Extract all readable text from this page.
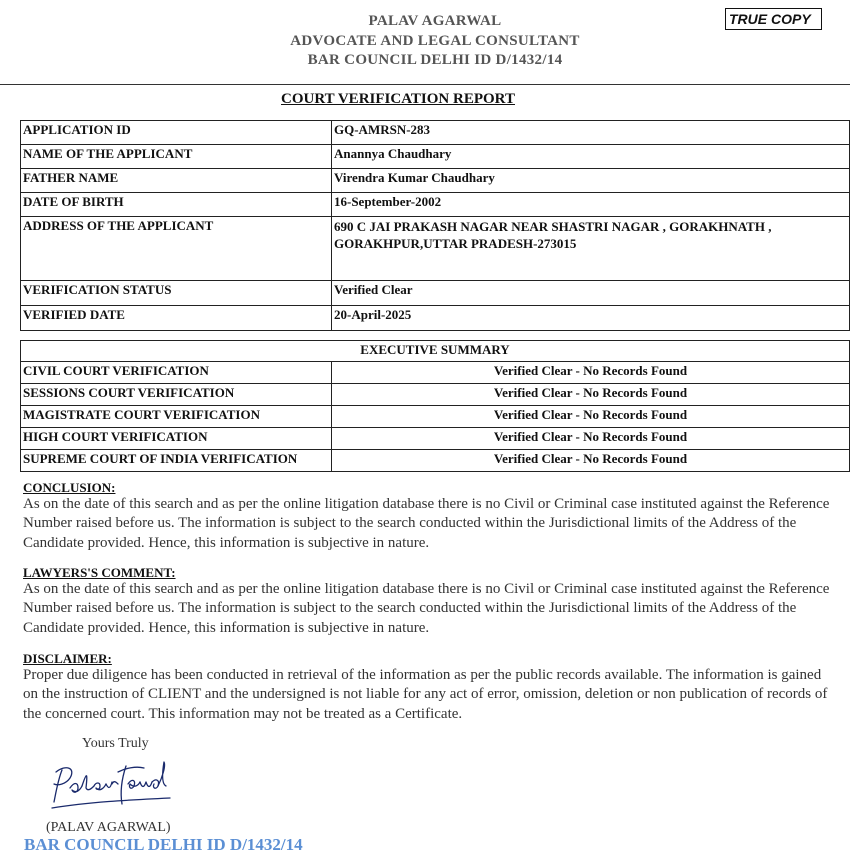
PALAV AGARWAL
ADVOCATE AND LEGAL CONSULTANT
BAR COUNCIL DELHI ID D/1432/14
TRUE COPY
COURT VERIFICATION REPORT
APPLICATION ID	GQ-AMRSN-283
NAME OF THE APPLICANT	Anannya Chaudhary
FATHER NAME	Virendra Kumar Chaudhary
DATE OF BIRTH	16-September-2002
ADDRESS OF THE APPLICANT	690 C JAI PRAKASH NAGAR NEAR SHASTRI NAGAR , GORAKHNATH , GORAKHPUR,UTTAR PRADESH-273015
VERIFICATION STATUS	Verified Clear
VERIFIED DATE	20-April-2025
EXECUTIVE SUMMARY	
CIVIL COURT VERIFICATION	Verified Clear - No Records Found
SESSIONS COURT VERIFICATION	Verified Clear - No Records Found
MAGISTRATE COURT VERIFICATION	Verified Clear - No Records Found
HIGH COURT VERIFICATION	Verified Clear - No Records Found
SUPREME COURT OF INDIA VERIFICATION	Verified Clear - No Records Found
CONCLUSION:

As on the date of this search and as per the online litigation database there is no Civil or Criminal case instituted against the Reference Number raised before us. The information is subject to the search conducted within the Jurisdictional limits of the Address of the Candidate provided. Hence, this information is subjective in nature.

LAWYERS'S COMMENT:

As on the date of this search and as per the online litigation database there is no Civil or Criminal case instituted against the Reference Number raised before us. The information is subject to the search conducted within the Jurisdictional limits of the Address of the Candidate provided. Hence, this information is subjective in nature.

DISCLAIMER:

Proper due diligence has been conducted in retrieval of the information as per the public records available. The information is gained on the instruction of CLIENT and the undersigned is not liable for any act of error, omission, deletion or non publication of records of the concerned court. This information may not be treated as a Certificate.

Yours Truly
(PALAV AGARWAL)
BAR COUNCIL DELHI ID D/1432/14
